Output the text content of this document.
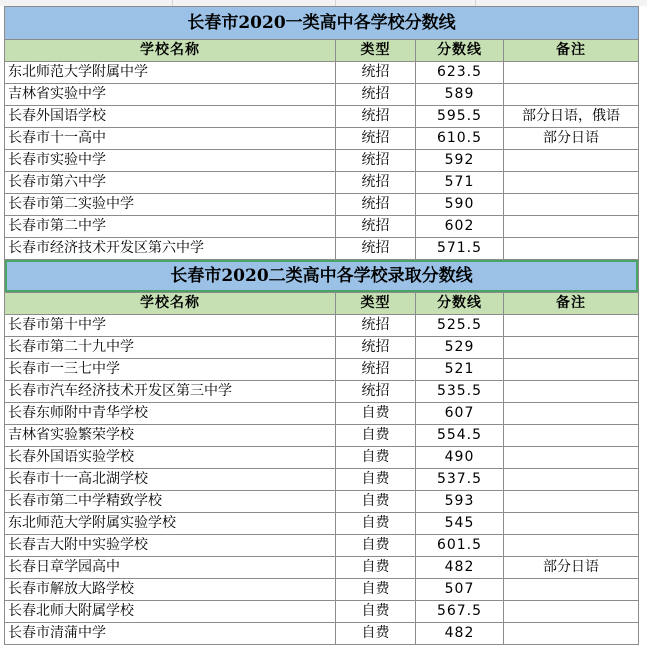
长春市2020一类高中各学校分数线			
学校名称	类型	分数线	备注
东北师范大学附属中学	统招	623.5	
吉林省实验中学	统招	589	
长春外国语学校	统招	595.5	部分日语，俄语
长春市十一高中	统招	610.5	部分日语
长春市实验中学	统招	592	
长春市第六中学	统招	571	
长春市第二实验中学	统招	590	
长春市第二中学	统招	602	
长春市经济技术开发区第六中学	统招	571.5	
长春市2020二类高中各学校录取分数线			
学校名称	类型	分数线	备注
长春市第十中学	统招	525.5	
长春市第二十九中学	统招	529	
长春市一三七中学	统招	521	
长春市汽车经济技术开发区第三中学	统招	535.5	
长春东师附中青华学校	自费	607	
吉林省实验繁荣学校	自费	554.5	
长春外国语实验学校	自费	490	
长春市十一高北湖学校	自费	537.5	
长春市第二中学精致学校	自费	593	
东北师范大学附属实验学校	自费	545	
长春吉大附中实验学校	自费	601.5	
长春日章学园高中	自费	482	部分日语
长春市解放大路学校	自费	507	
长春北师大附属学校	自费	567.5	
长春市清蒲中学	自费	482	
